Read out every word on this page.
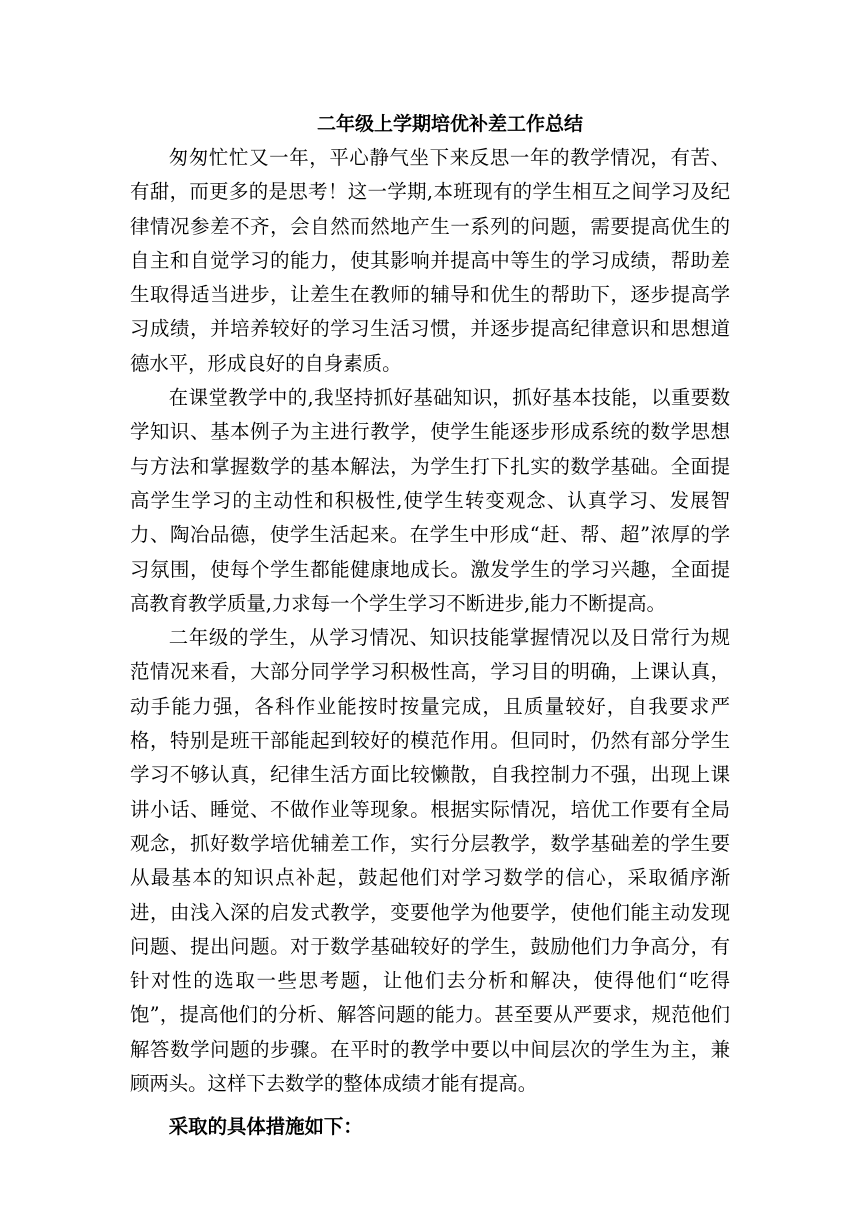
二年级上学期培优补差工作总结

匆匆忙忙又一年，平心静气坐下来反思一年的教学情况，有苦、有甜，而更多的是思考！这一学期,本班现有的学生相互之间学习及纪律情况参差不齐，会自然而然地产生一系列的问题，需要提高优生的自主和自觉学习的能力，使其影响并提高中等生的学习成绩，帮助差生取得适当进步，让差生在教师的辅导和优生的帮助下，逐步提高学习成绩，并培养较好的学习生活习惯，并逐步提高纪律意识和思想道德水平，形成良好的自身素质。

在课堂教学中的,我坚持抓好基础知识，抓好基本技能，以重要数学知识、基本例子为主进行教学，使学生能逐步形成系统的数学思想与方法和掌握数学的基本解法，为学生打下扎实的数学基础。全面提高学生学习的主动性和积极性,使学生转变观念、认真学习、发展智力、陶冶品德，使学生活起来。在学生中形成“赶、帮、超”浓厚的学习氛围，使每个学生都能健康地成长。激发学生的学习兴趣，全面提高教育教学质量,力求每一个学生学习不断进步,能力不断提高。

二年级的学生，从学习情况、知识技能掌握情况以及日常行为规范情况来看，大部分同学学习积极性高，学习目的明确，上课认真，动手能力强，各科作业能按时按量完成，且质量较好，自我要求严格，特别是班干部能起到较好的模范作用。但同时，仍然有部分学生学习不够认真，纪律生活方面比较懒散，自我控制力不强，出现上课讲小话、睡觉、不做作业等现象。根据实际情况，培优工作要有全局观念，抓好数学培优辅差工作，实行分层教学，数学基础差的学生要从最基本的知识点补起，鼓起他们对学习数学的信心，采取循序渐进，由浅入深的启发式教学，变要他学为他要学，使他们能主动发现问题、提出问题。对于数学基础较好的学生，鼓励他们力争高分，有针对性的选取一些思考题，让他们去分析和解决，使得他们“吃得饱”，提高他们的分析、解答问题的能力。甚至要从严要求，规范他们解答数学问题的步骤。在平时的教学中要以中间层次的学生为主，兼顾两头。这样下去数学的整体成绩才能有提高。

采取的具体措施如下：
